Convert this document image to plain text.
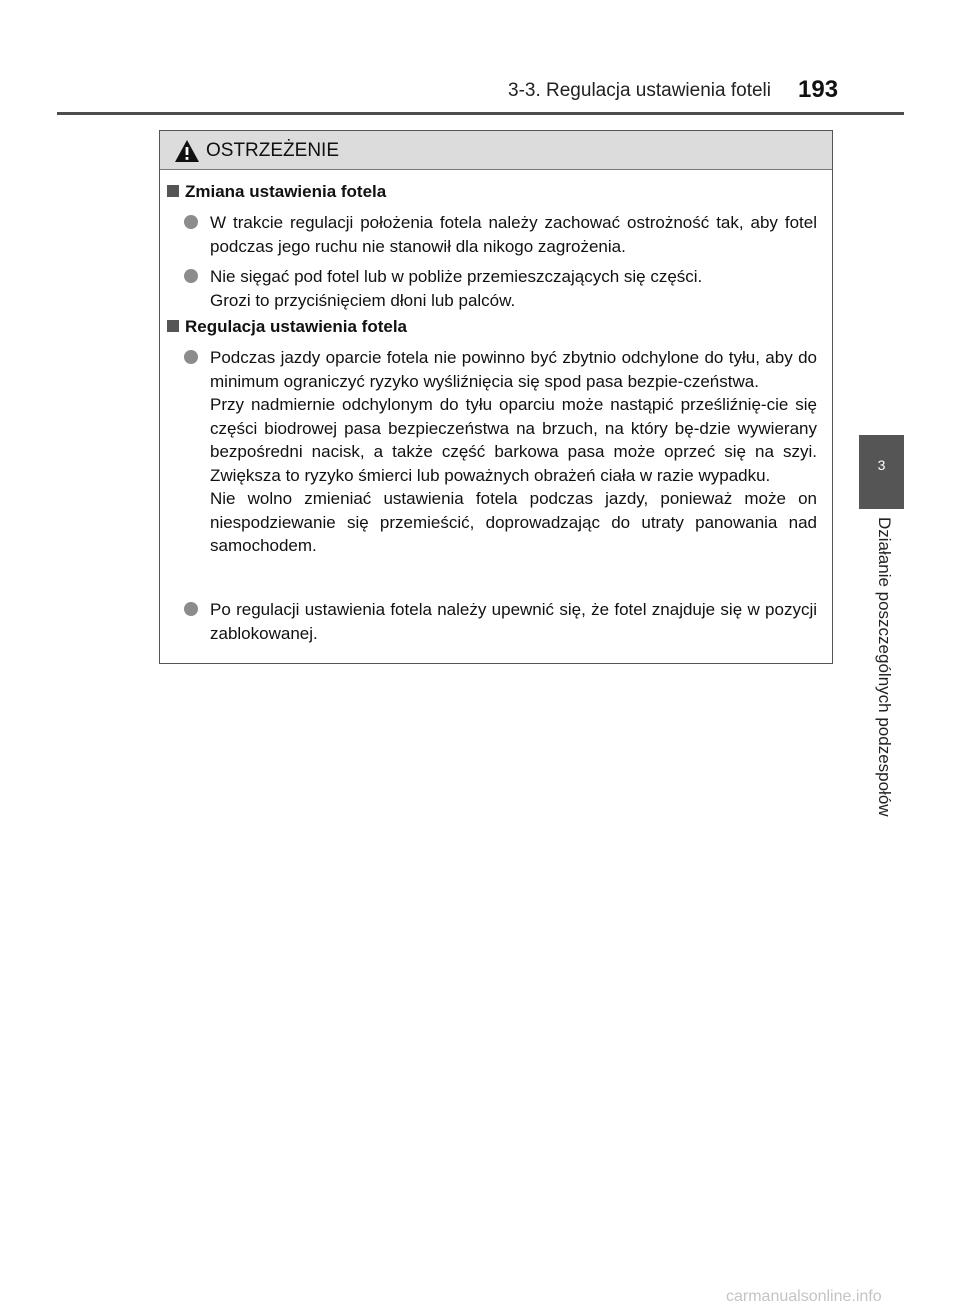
3-3. Regulacja ustawienia foteli 193
3
Działanie poszczególnych podzespołów
OSTRZEŻENIE
Zmiana ustawienia fotela

W trakcie regulacji położenia fotela należy zachować ostrożność tak, aby fotel podczas jego ruchu nie stanowił dla nikogo zagrożenia.

Nie sięgać pod fotel lub w pobliże przemieszczających się części.

Grozi to przyciśnięciem dłoni lub palców.

Regulacja ustawienia fotela

Podczas jazdy oparcie fotela nie powinno być zbytnio odchylone do tyłu, aby do minimum ograniczyć ryzyko wyśliźnięcia się spod pasa bezpie-czeństwa.

Przy nadmiernie odchylonym do tyłu oparciu może nastąpić prześliźnię-cie się części biodrowej pasa bezpieczeństwa na brzuch, na który bę-dzie wywierany bezpośredni nacisk, a także część barkowa pasa może oprzeć się na szyi. Zwiększa to ryzyko śmierci lub poważnych obrażeń ciała w razie wypadku.

Nie wolno zmieniać ustawienia fotela podczas jazdy, ponieważ może on niespodziewanie się przemieścić, doprowadzając do utraty panowania nad samochodem.

Po regulacji ustawienia fotela należy upewnić się, że fotel znajduje się w pozycji zablokowanej.

carmanualsonline.info
